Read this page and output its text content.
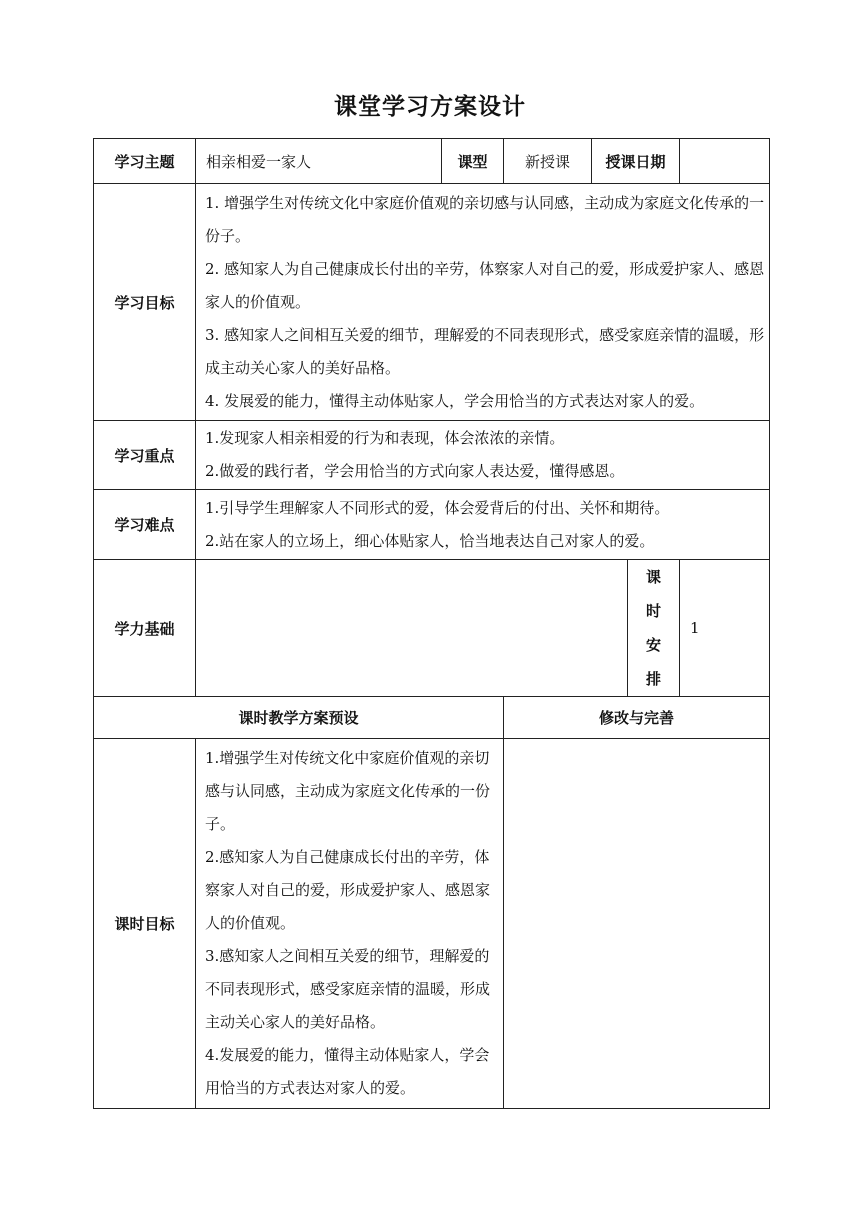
课堂学习方案设计
学习主题	相亲相爱一家人	课型	新授课	授课日期		
学习目标	1. 增强学生对传统文化中家庭价值观的亲切感与认同感，主动成为家庭文化传承的一份子。

2. 感知家人为自己健康成长付出的辛劳，体察家人对自己的爱，形成爱护家人、感恩家人的价值观。

3. 感知家人之间相互关爱的细节，理解爱的不同表现形式，感受家庭亲情的温暖，形成主动关心家人的美好品格。

4. 发展爱的能力，懂得主动体贴家人，学会用恰当的方式表达对家人的爱。					

学习重点	1.发现家人相亲相爱的行为和表现，体会浓浓的亲情。

2.做爱的践行者，学会用恰当的方式向家人表达爱，懂得感恩。					

学习难点	1.引导学生理解家人不同形式的爱，体会爱背后的付出、关怀和期待。

2.站在家人的立场上，细心体贴家人，恰当地表达自己对家人的爱。					

学力基础					课
时
安
排	1
课时教学方案预设			修改与完善			
课时目标	1.增强学生对传统文化中家庭价值观的亲切感与认同感，主动成为家庭文化传承的一份子。

2.感知家人为自己健康成长付出的辛劳，体察家人对自己的爱，形成爱护家人、感恩家人的价值观。

3.感知家人之间相互关爱的细节，理解爱的不同表现形式，感受家庭亲情的温暖，形成主动关心家人的美好品格。

4.发展爱的能力，懂得主动体贴家人，学会用恰当的方式表达对家人的爱。					
